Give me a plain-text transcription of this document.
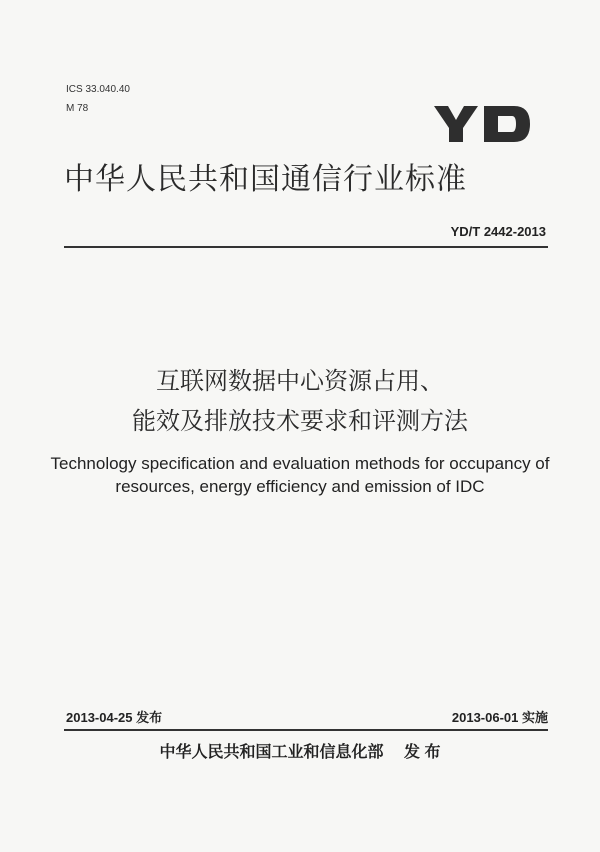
ICS 33.040.40
M 78
中华人民共和国通信行业标准
YD/T 2442-2013
互联网数据中心资源占用、
能效及排放技术要求和评测方法
Technology specification and evaluation methods for occupancy of
resources, energy efficiency and emission of IDC
2013-04-25 发布	2013-06-01 实施
中华人民共和国工业和信息化部 发 布
